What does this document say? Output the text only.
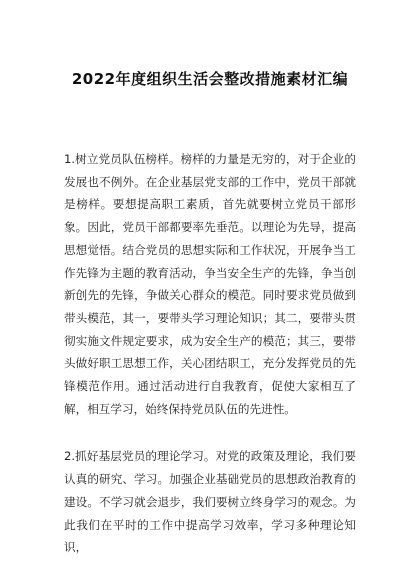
2022年度组织生活会整改措施素材汇编

1.树立党员队伍榜样。榜样的力量是无穷的，对于企业的发展也不例外。在企业基层党支部的工作中，党员干部就是榜样。要想提高职工素质，首先就要树立党员干部形象。因此，党员干部都要率先垂范。以理论为先导，提高思想觉悟。结合党员的思想实际和工作状况，开展争当工作先锋为主题的教育活动，争当安全生产的先锋，争当创新创先的先锋，争做关心群众的模范。同时要求党员做到带头模范，其一，要带头学习理论知识；其二，要带头贯彻实施文件规定要求，成为安全生产的模范；其三，要带头做好职工思想工作，关心团结职工，充分发挥党员的先锋模范作用。通过活动进行自我教育，促使大家相互了解，相互学习，始终保持党员队伍的先进性。

2.抓好基层党员的理论学习。对党的政策及理论，我们要认真的研究、学习。加强企业基础党员的思想政治教育的建设。不学习就会退步，我们要树立终身学习的观念。为此我们在平时的工作中提高学习效率，学习多种理论知识，
